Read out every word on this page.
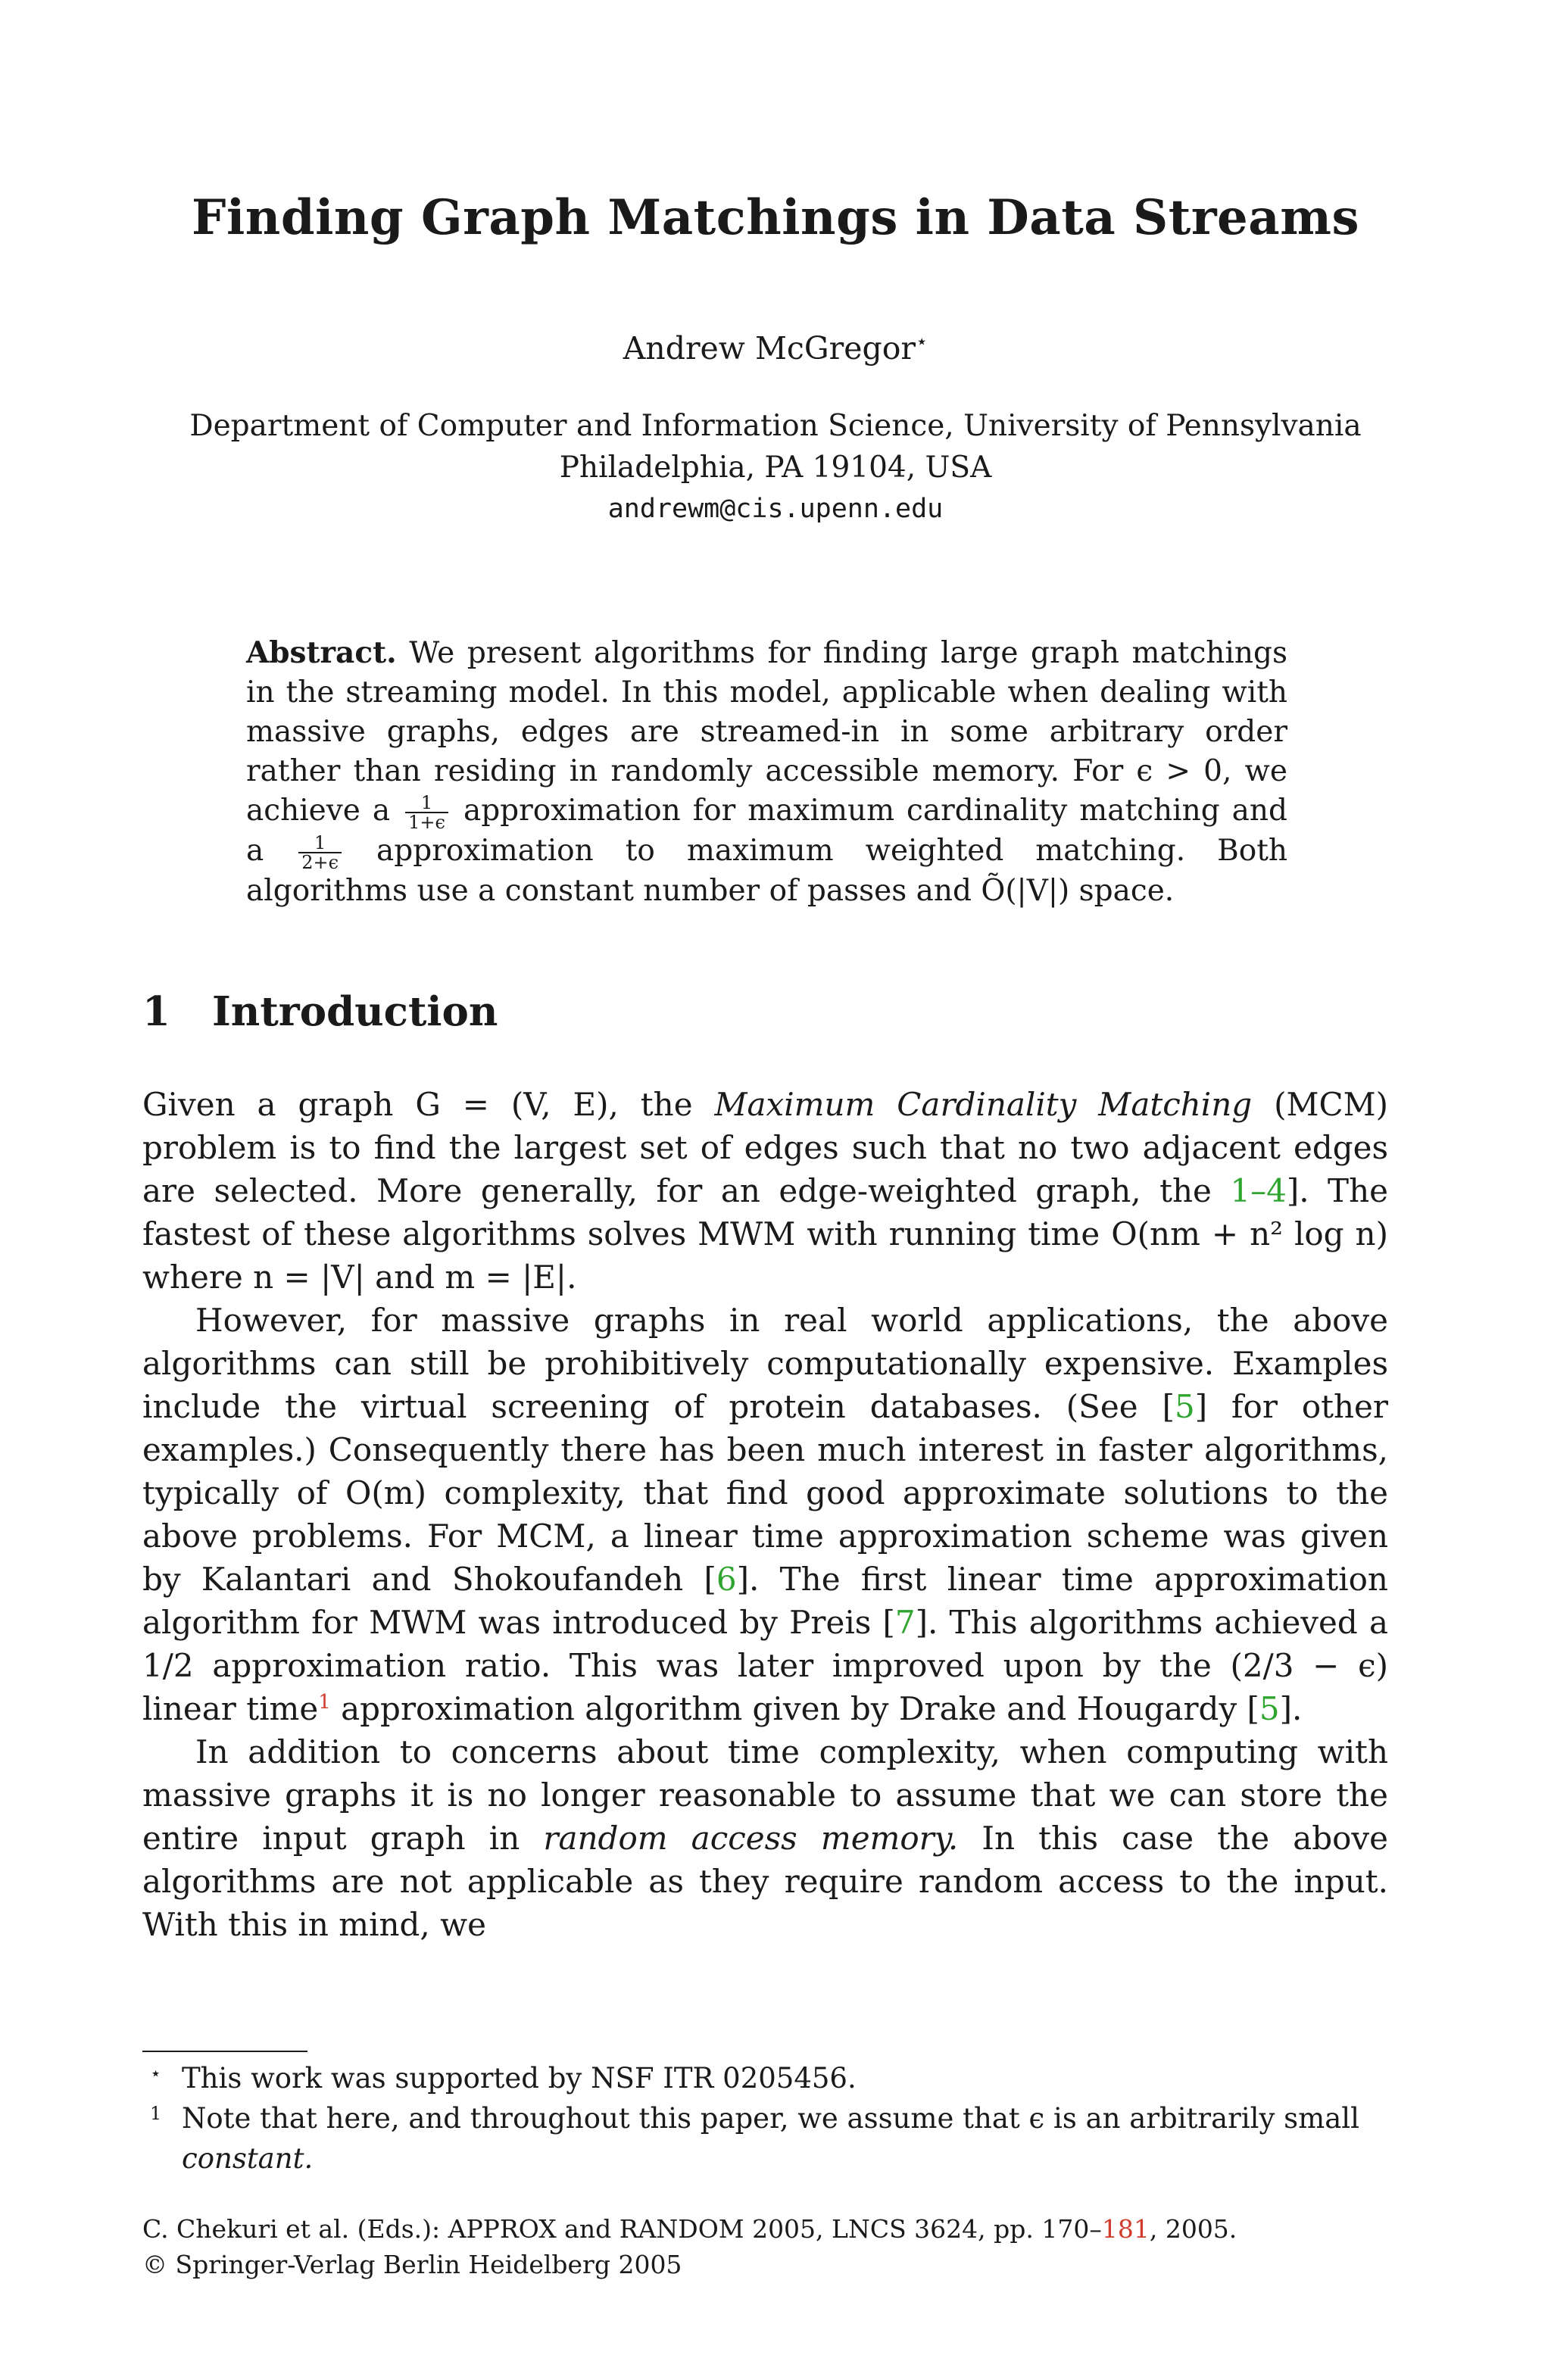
Finding Graph Matchings in Data Streams
Andrew McGregor⋆
Department of Computer and Information Science, University of Pennsylvania
Philadelphia, PA 19104, USA
andrewm@cis.upenn.edu
Abstract. We present algorithms for finding large graph matchings in the streaming model. In this model, applicable when dealing with massive graphs, edges are streamed-in in some arbitrary order rather than residing in randomly accessible memory. For ϵ > 0, we achieve a $\frac{1}{1+\epsilon}$ approximation for maximum cardinality matching and a $\frac{1}{2+\epsilon}$ approximation to maximum weighted matching. Both algorithms use a constant number of passes and Õ(|V|) space.
1 Introduction

Given a graph G = (V, E), the Maximum Cardinality Matching (MCM) problem is to find the largest set of edges such that no two adjacent edges are selected. More generally, for an edge-weighted graph, the 1–4]. The fastest of these algorithms solves MWM with running time O(nm + n² log n) where n = |V| and m = |E|.

However, for massive graphs in real world applications, the above algorithms can still be prohibitively computationally expensive. Examples include the virtual screening of protein databases. (See [5] for other examples.) Consequently there has been much interest in faster algorithms, typically of O(m) complexity, that find good approximate solutions to the above problems. For MCM, a linear time approximation scheme was given by Kalantari and Shokoufandeh [6]. The first linear time approximation algorithm for MWM was introduced by Preis [7]. This algorithms achieved a 1/2 approximation ratio. This was later improved upon by the (2/3 − ϵ) linear time$^1$ approximation algorithm given by Drake and Hougardy [5].

In addition to concerns about time complexity, when computing with massive graphs it is no longer reasonable to assume that we can store the entire input graph in random access memory. In this case the above algorithms are not applicable as they require random access to the input. With this in mind, we

⋆ This work was supported by NSF ITR 0205456.
1 Note that here, and throughout this paper, we assume that ϵ is an arbitrarily small constant.
C. Chekuri et al. (Eds.): APPROX and RANDOM 2005, LNCS 3624, pp. 170–181, 2005.
© Springer-Verlag Berlin Heidelberg 2005
